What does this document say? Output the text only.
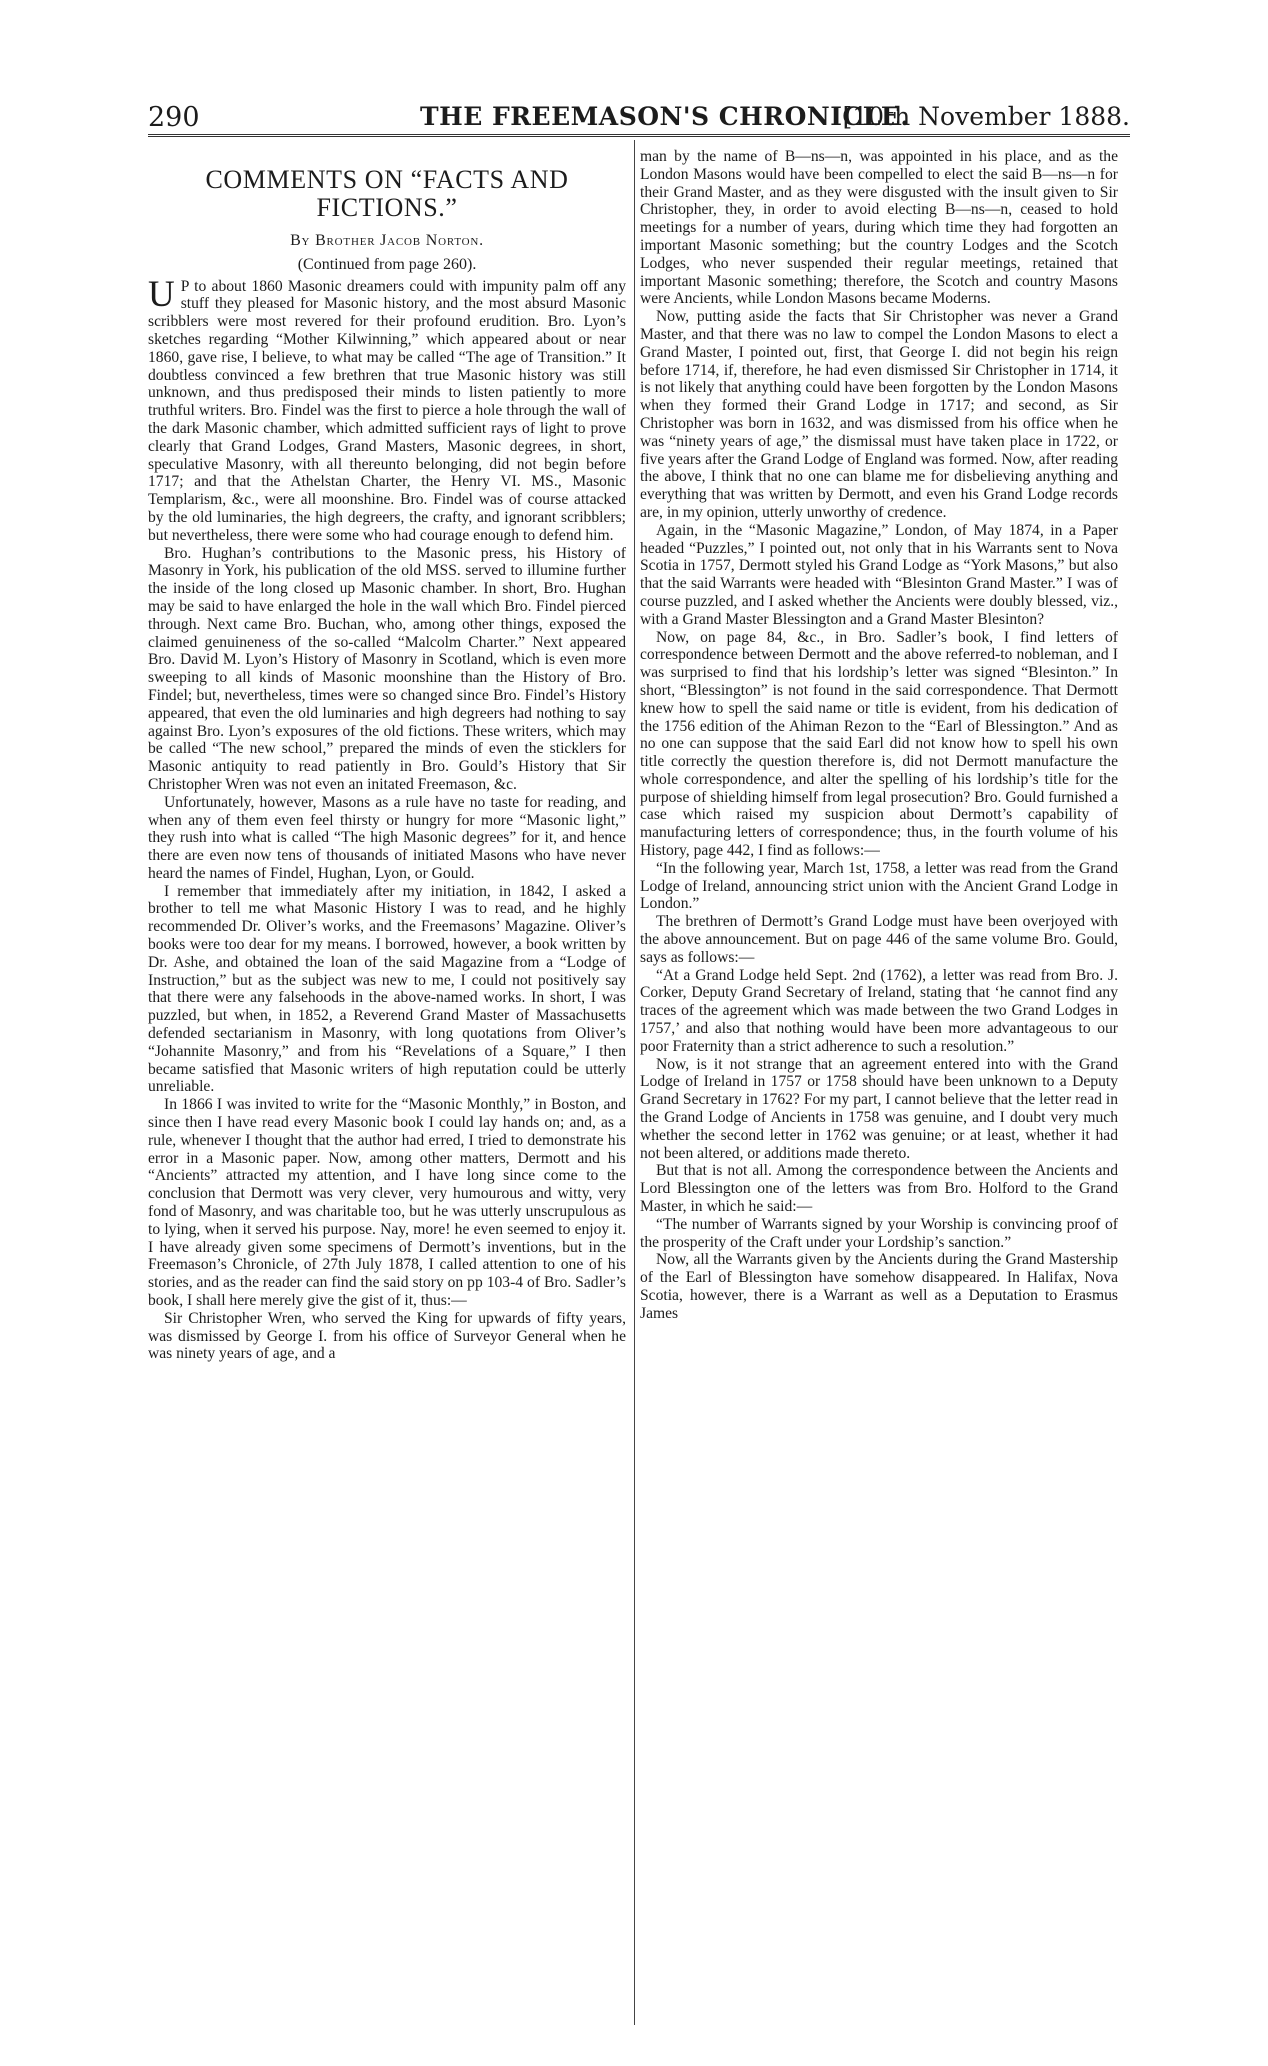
290	THE FREEMASON'S CHRONICLE.
[10th November 1888.
COMMENTS ON “FACTS AND FICTIONS.”
By Brother Jacob Norton.
(Continued from page 260).

U P to about 1860 Masonic dreamers could with impunity palm off any stuff they pleased for Masonic history, and the most absurd Masonic scribblers were most revered for their profound erudition. Bro. Lyon’s sketches regarding “Mother Kilwinning,” which appeared about or near 1860, gave rise, I believe, to what may be called “The age of Transition.” It doubtless convinced a few brethren that true Masonic history was still unknown, and thus predisposed their minds to listen patiently to more truthful writers. Bro. Findel was the first to pierce a hole through the wall of the dark Masonic chamber, which admitted sufficient rays of light to prove clearly that Grand Lodges, Grand Masters, Masonic degrees, in short, speculative Masonry, with all thereunto belonging, did not begin before 1717; and that the Athelstan Charter, the Henry VI. MS., Masonic Templarism, &c., were all moonshine. Bro. Findel was of course attacked by the old luminaries, the high degreers, the crafty, and ignorant scribblers; but nevertheless, there were some who had courage enough to defend him.

Bro. Hughan’s contributions to the Masonic press, his History of Masonry in York, his publication of the old MSS. served to illumine further the inside of the long closed up Masonic chamber. In short, Bro. Hughan may be said to have enlarged the hole in the wall which Bro. Findel pierced through. Next came Bro. Buchan, who, among other things, exposed the claimed genuineness of the so-called “Malcolm Charter.” Next appeared Bro. David M. Lyon’s History of Masonry in Scotland, which is even more sweeping to all kinds of Masonic moonshine than the History of Bro. Findel; but, nevertheless, times were so changed since Bro. Findel’s History appeared, that even the old luminaries and high degreers had nothing to say against Bro. Lyon’s exposures of the old fictions. These writers, which may be called “The new school,” prepared the minds of even the sticklers for Masonic antiquity to read patiently in Bro. Gould’s History that Sir Christopher Wren was not even an initated Freemason, &c.

Unfortunately, however, Masons as a rule have no taste for reading, and when any of them even feel thirsty or hungry for more “Masonic light,” they rush into what is called “The high Masonic degrees” for it, and hence there are even now tens of thousands of initiated Masons who have never heard the names of Findel, Hughan, Lyon, or Gould.

I remember that immediately after my initiation, in 1842, I asked a brother to tell me what Masonic History I was to read, and he highly recommended Dr. Oliver’s works, and the Freemasons’ Magazine. Oliver’s books were too dear for my means. I borrowed, however, a book written by Dr. Ashe, and obtained the loan of the said Magazine from a “Lodge of Instruction,” but as the subject was new to me, I could not positively say that there were any falsehoods in the above-named works. In short, I was puzzled, but when, in 1852, a Reverend Grand Master of Massachusetts defended sectarianism in Masonry, with long quotations from Oliver’s “Johannite Masonry,” and from his “Revelations of a Square,” I then became satisfied that Masonic writers of high reputation could be utterly unreliable.

In 1866 I was invited to write for the “Masonic Monthly,” in Boston, and since then I have read every Masonic book I could lay hands on; and, as a rule, whenever I thought that the author had erred, I tried to demonstrate his error in a Masonic paper. Now, among other matters, Dermott and his “Ancients” attracted my attention, and I have long since come to the conclusion that Dermott was very clever, very humourous and witty, very fond of Masonry, and was charitable too, but he was utterly unscrupulous as to lying, when it served his purpose. Nay, more! he even seemed to enjoy it. I have already given some specimens of Dermott’s inventions, but in the Freemason’s Chronicle, of 27th July 1878, I called attention to one of his stories, and as the reader can find the said story on pp 103-4 of Bro. Sadler’s book, I shall here merely give the gist of it, thus:—

Sir Christopher Wren, who served the King for upwards of fifty years, was dismissed by George I. from his office of Surveyor General when he was ninety years of age, and a

man by the name of B—ns—n, was appointed in his place, and as the London Masons would have been compelled to elect the said B—ns—n for their Grand Master, and as they were disgusted with the insult given to Sir Christopher, they, in order to avoid electing B—ns—n, ceased to hold meetings for a number of years, during which time they had forgotten an important Masonic something; but the country Lodges and the Scotch Lodges, who never suspended their regular meetings, retained that important Masonic something; therefore, the Scotch and country Masons were Ancients, while London Masons became Moderns.

Now, putting aside the facts that Sir Christopher was never a Grand Master, and that there was no law to compel the London Masons to elect a Grand Master, I pointed out, first, that George I. did not begin his reign before 1714, if, therefore, he had even dismissed Sir Christopher in 1714, it is not likely that anything could have been forgotten by the London Masons when they formed their Grand Lodge in 1717; and second, as Sir Christopher was born in 1632, and was dismissed from his office when he was “ninety years of age,” the dismissal must have taken place in 1722, or five years after the Grand Lodge of England was formed. Now, after reading the above, I think that no one can blame me for disbelieving anything and everything that was written by Dermott, and even his Grand Lodge records are, in my opinion, utterly unworthy of credence.

Again, in the “Masonic Magazine,” London, of May 1874, in a Paper headed “Puzzles,” I pointed out, not only that in his Warrants sent to Nova Scotia in 1757, Dermott styled his Grand Lodge as “York Masons,” but also that the said Warrants were headed with “Blesinton Grand Master.” I was of course puzzled, and I asked whether the Ancients were doubly blessed, viz., with a Grand Master Blessington and a Grand Master Blesinton?

Now, on page 84, &c., in Bro. Sadler’s book, I find letters of correspondence between Dermott and the above referred-to nobleman, and I was surprised to find that his lordship’s letter was signed “Blesinton.” In short, “Blessington” is not found in the said correspondence. That Dermott knew how to spell the said name or title is evident, from his dedication of the 1756 edition of the Ahiman Rezon to the “Earl of Blessington.” And as no one can suppose that the said Earl did not know how to spell his own title correctly the question therefore is, did not Dermott manufacture the whole correspondence, and alter the spelling of his lordship’s title for the purpose of shielding himself from legal prosecution? Bro. Gould furnished a case which raised my suspicion about Dermott’s capability of manufacturing letters of correspondence; thus, in the fourth volume of his History, page 442, I find as follows:—

“In the following year, March 1st, 1758, a letter was read from the Grand Lodge of Ireland, announcing strict union with the Ancient Grand Lodge in London.”

The brethren of Dermott’s Grand Lodge must have been overjoyed with the above announcement. But on page 446 of the same volume Bro. Gould, says as follows:—

“At a Grand Lodge held Sept. 2nd (1762), a letter was read from Bro. J. Corker, Deputy Grand Secretary of Ireland, stating that ‘he cannot find any traces of the agreement which was made between the two Grand Lodges in 1757,’ and also that nothing would have been more advantageous to our poor Fraternity than a strict adherence to such a resolution.”

Now, is it not strange that an agreement entered into with the Grand Lodge of Ireland in 1757 or 1758 should have been unknown to a Deputy Grand Secretary in 1762? For my part, I cannot believe that the letter read in the Grand Lodge of Ancients in 1758 was genuine, and I doubt very much whether the second letter in 1762 was genuine; or at least, whether it had not been altered, or additions made thereto.

But that is not all. Among the correspondence between the Ancients and Lord Blessington one of the letters was from Bro. Holford to the Grand Master, in which he said:—

“The number of Warrants signed by your Worship is convincing proof of the prosperity of the Craft under your Lordship’s sanction.”

Now, all the Warrants given by the Ancients during the Grand Mastership of the Earl of Blessington have somehow disappeared. In Halifax, Nova Scotia, however, there is a Warrant as well as a Deputation to Erasmus James
